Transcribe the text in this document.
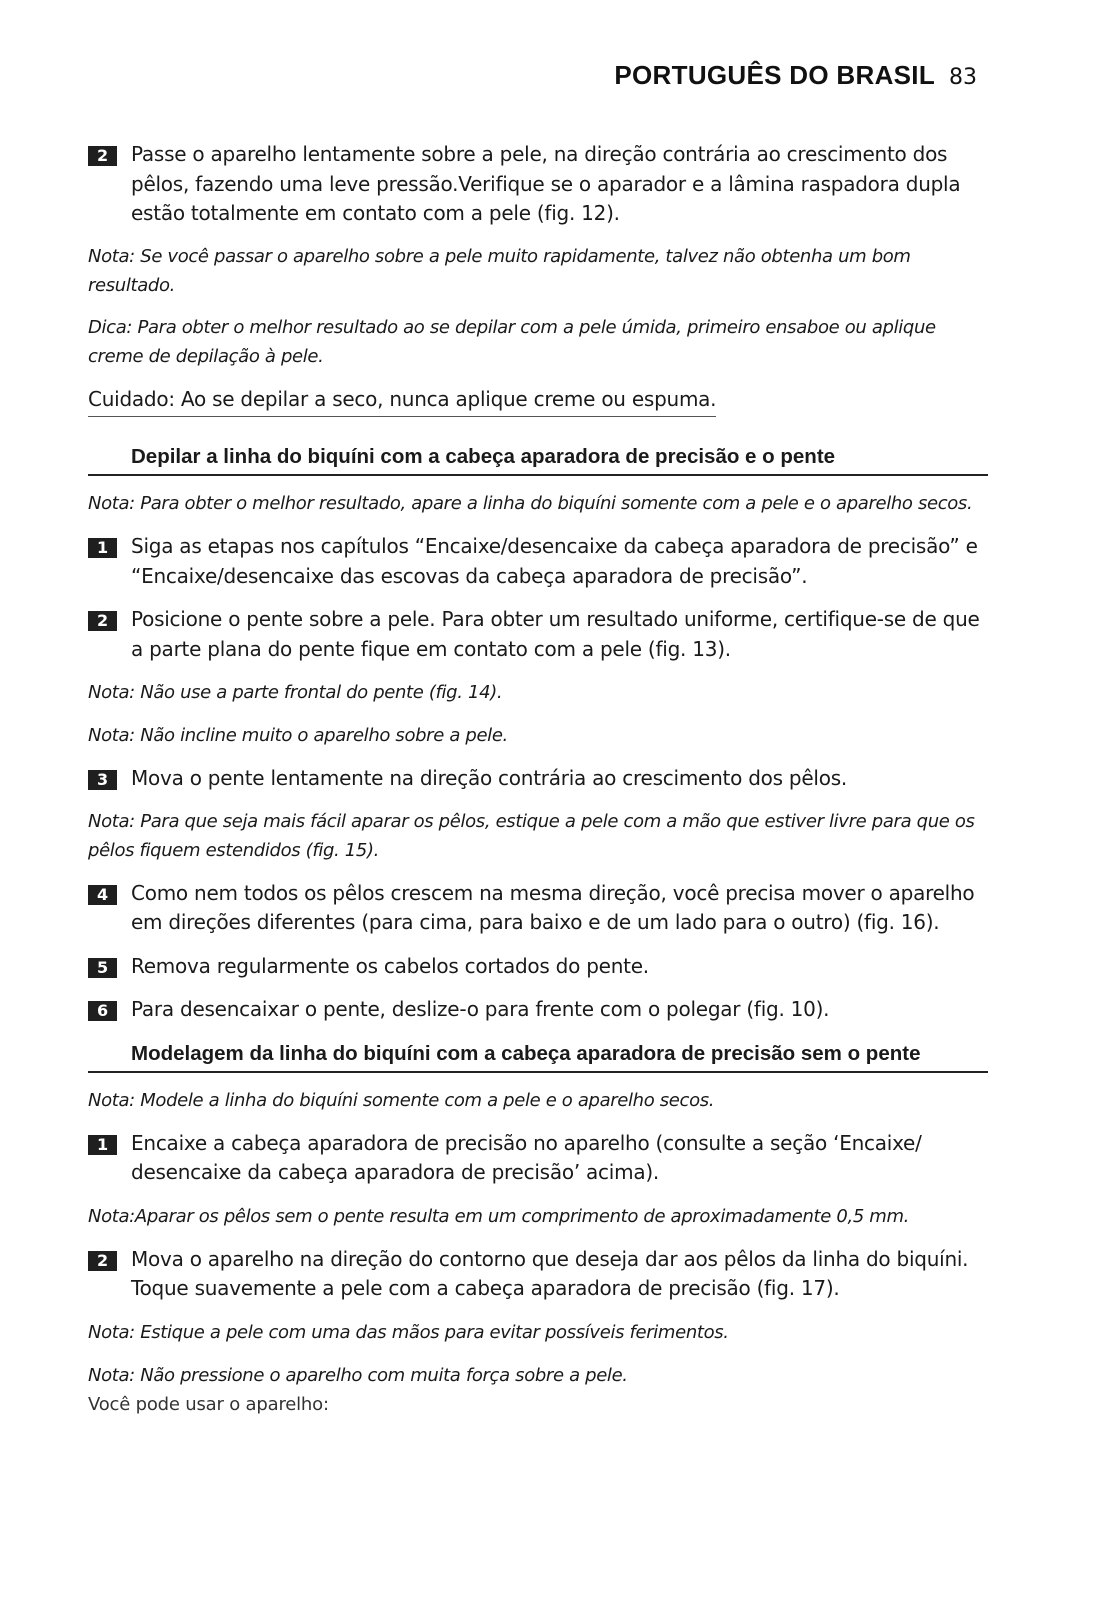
PORTUGUÊS DO BRASIL 83
2	Passe o aparelho lentamente sobre a pele, na direção contrária ao crescimento dos pêlos, fazendo uma leve pressão.Verifique se o aparador e a lâmina raspadora dupla estão totalmente em contato com a pele (fig. 12).
Nota: Se você passar o aparelho sobre a pele muito rapidamente, talvez não obtenha um bom resultado.
Dica: Para obter o melhor resultado ao se depilar com a pele úmida, primeiro ensaboe ou aplique creme de depilação à pele.
Cuidado: Ao se depilar a seco, nunca aplique creme ou espuma.
Depilar a linha do biquíni com a cabeça aparadora de precisão e o pente
Nota: Para obter o melhor resultado, apare a linha do biquíni somente com a pele e o aparelho secos.
1	Siga as etapas nos capítulos “Encaixe/desencaixe da cabeça aparadora de precisão” e “Encaixe/desencaixe das escovas da cabeça aparadora de precisão”.
2	Posicione o pente sobre a pele. Para obter um resultado uniforme, certifique-se de que a parte plana do pente fique em contato com a pele (fig. 13).
Nota: Não use a parte frontal do pente (fig. 14).
Nota: Não incline muito o aparelho sobre a pele.
3	Mova o pente lentamente na direção contrária ao crescimento dos pêlos.
Nota: Para que seja mais fácil aparar os pêlos, estique a pele com a mão que estiver livre para que os pêlos fiquem estendidos (fig. 15).
4	Como nem todos os pêlos crescem na mesma direção, você precisa mover o aparelho em direções diferentes (para cima, para baixo e de um lado para o outro) (fig. 16).
5	Remova regularmente os cabelos cortados do pente.
6	Para desencaixar o pente, deslize-o para frente com o polegar (fig. 10).
Modelagem da linha do biquíni com a cabeça aparadora de precisão sem o pente
Nota: Modele a linha do biquíni somente com a pele e o aparelho secos.
1	Encaixe a cabeça aparadora de precisão no aparelho (consulte a seção ‘Encaixe/ desencaixe da cabeça aparadora de precisão’ acima).
Nota:Aparar os pêlos sem o pente resulta em um comprimento de aproximadamente 0,5 mm.
2	Mova o aparelho na direção do contorno que deseja dar aos pêlos da linha do biquíni. Toque suavemente a pele com a cabeça aparadora de precisão (fig. 17).
Nota: Estique a pele com uma das mãos para evitar possíveis ferimentos.
Nota: Não pressione o aparelho com muita força sobre a pele.
Você pode usar o aparelho:
